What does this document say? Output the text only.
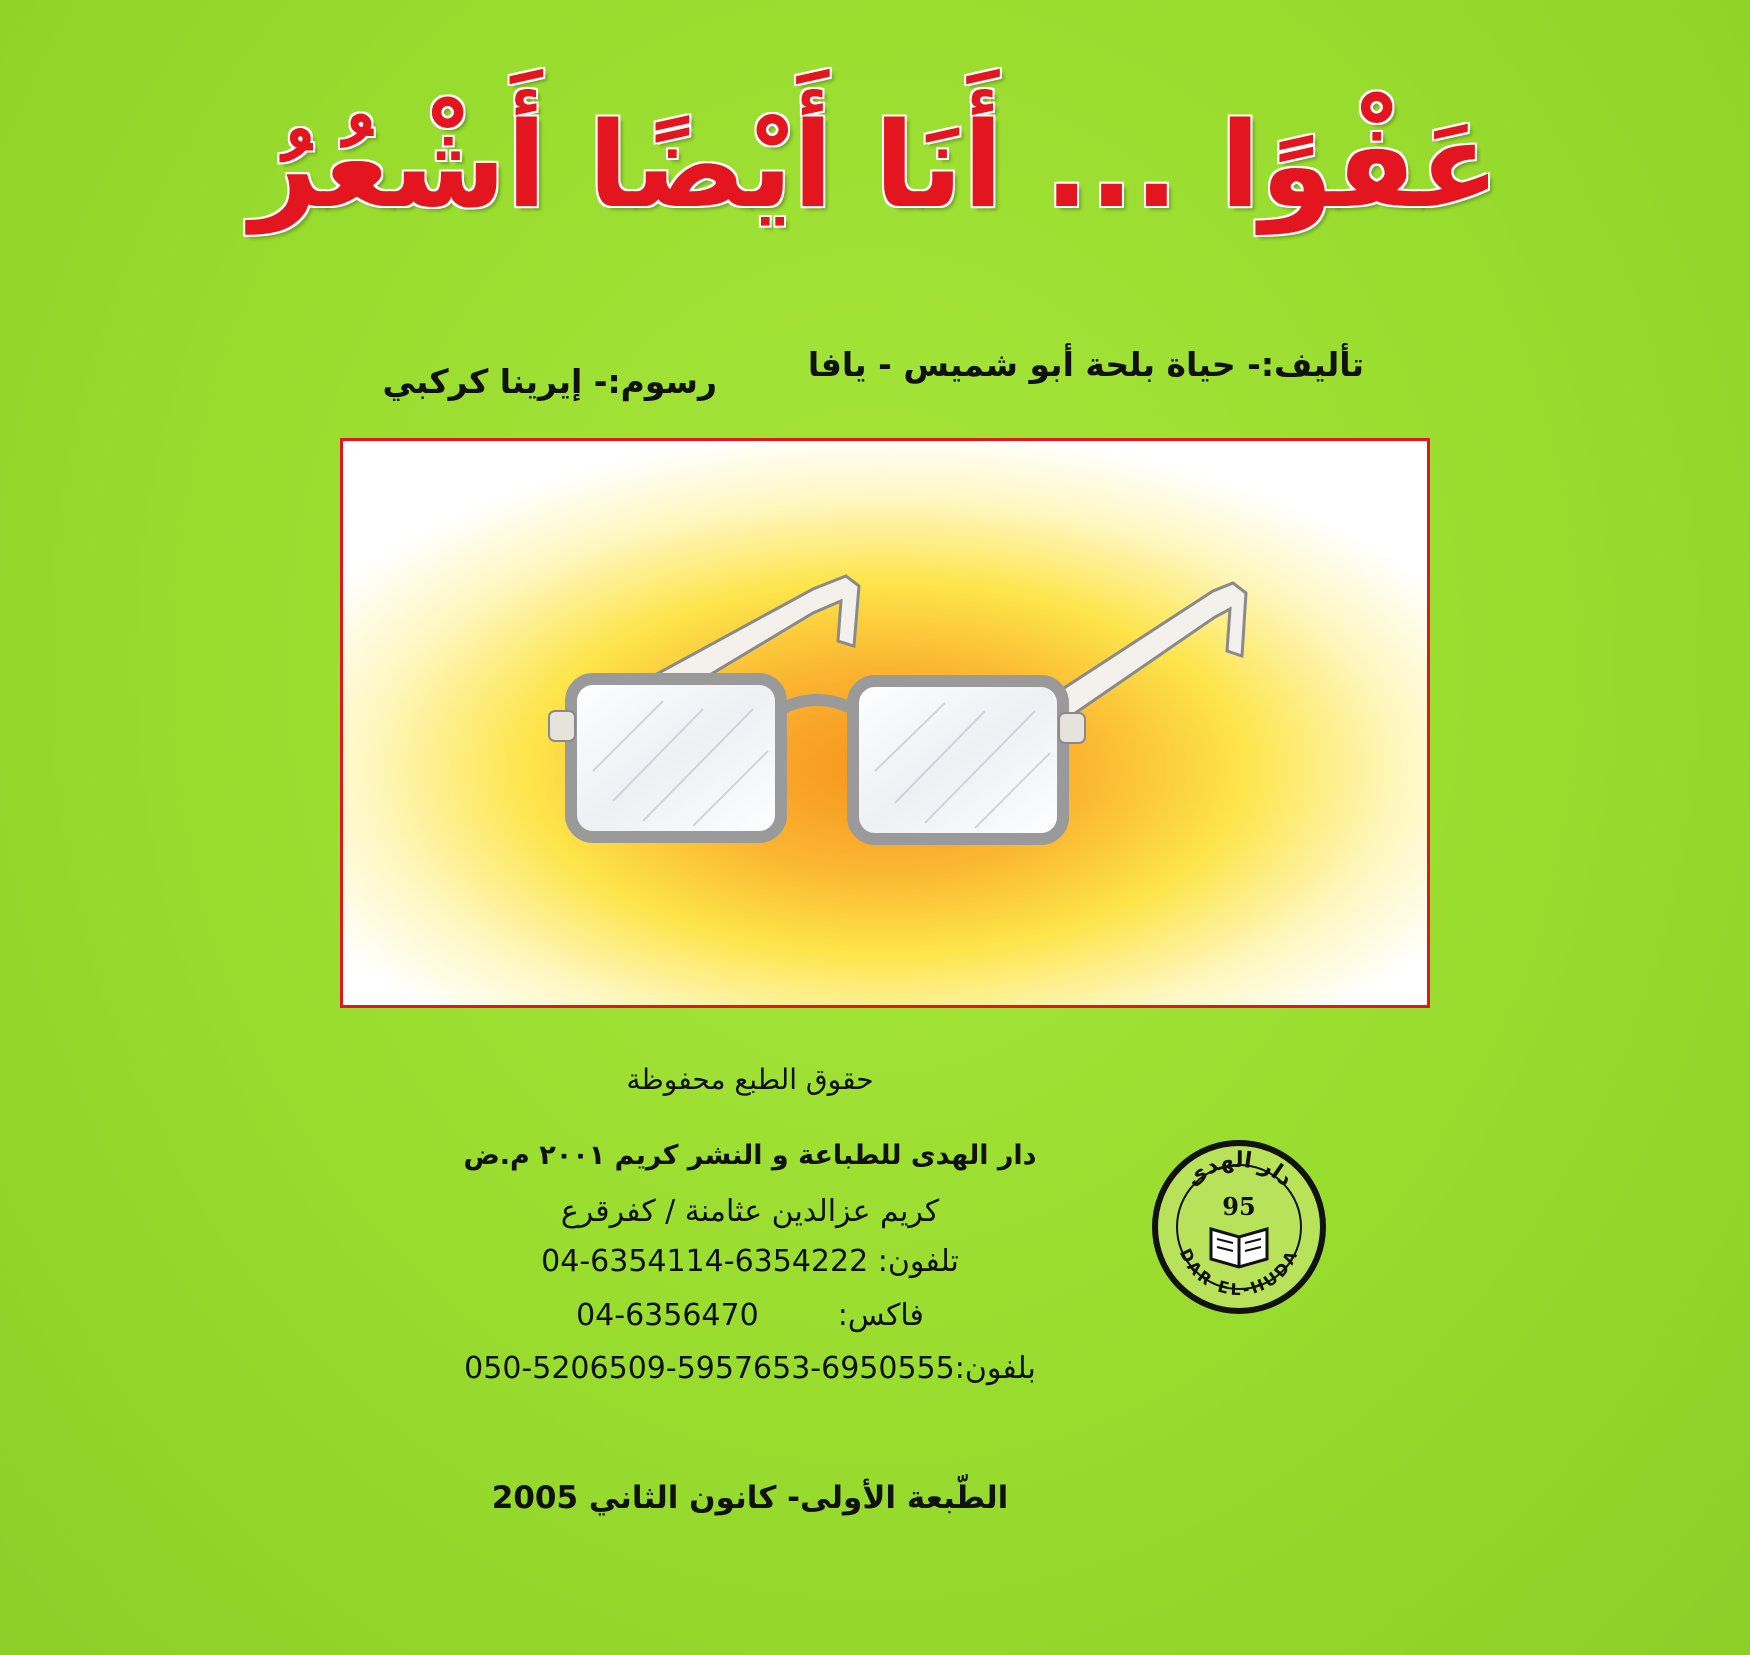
عَفْوًا ... أَنَا أَيْضًا أَشْعُرُ
تأليف:- حياة بلحة أبو شميس - يافا
رسوم:- إيرينا كركبي
حقوق الطبع محفوظة
دار الهدى للطباعة و النشر كريم ٢٠٠١ م.ض
كريم عزالدين عثامنة / كفرقرع
تلفون: 04-6354114-6354222
فاكس:  04-6356470
بلفون:050-5206509-5957653-6950555
الطّبعة الأولى- كانون الثاني 2005
دار الهدى
DAR EL-HUDA
95
